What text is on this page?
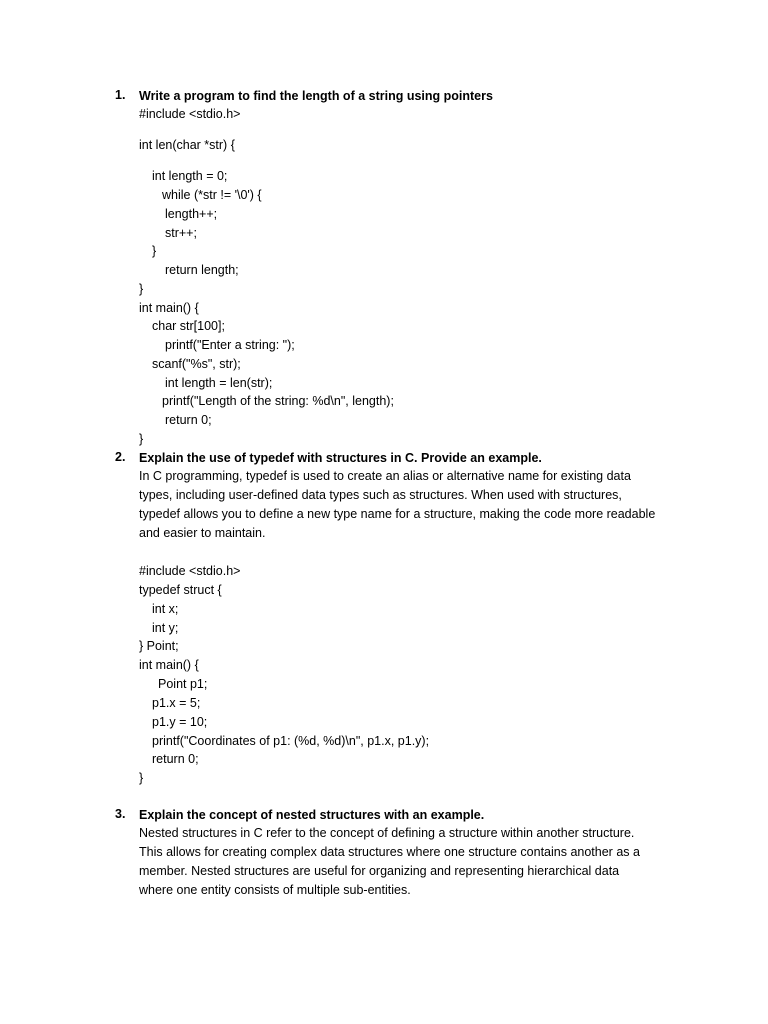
1. Write a program to find the length of a string using pointers
#include <stdio.h>
int len(char *str) {
int length = 0;
while (*str != '\0') {
length++;
str++;
}
return length;
}
int main() {
char str[100];
printf("Enter a string: ");
scanf("%s", str);
int length = len(str);
printf("Length of the string: %d\n", length);
return 0;
}
2. Explain the use of typedef with structures in C. Provide an example.
In C programming, typedef is used to create an alias or alternative name for existing data
types, including user-defined data types such as structures. When used with structures,
typedef allows you to define a new type name for a structure, making the code more readable
and easier to maintain.
#include <stdio.h>
typedef struct {
int x;
int y;
} Point;
int main() {
Point p1;
p1.x = 5;
p1.y = 10;
printf("Coordinates of p1: (%d, %d)\n", p1.x, p1.y);
return 0;
}
3. Explain the concept of nested structures with an example.
Nested structures in C refer to the concept of defining a structure within another structure.
This allows for creating complex data structures where one structure contains another as a
member. Nested structures are useful for organizing and representing hierarchical data
where one entity consists of multiple sub-entities.
